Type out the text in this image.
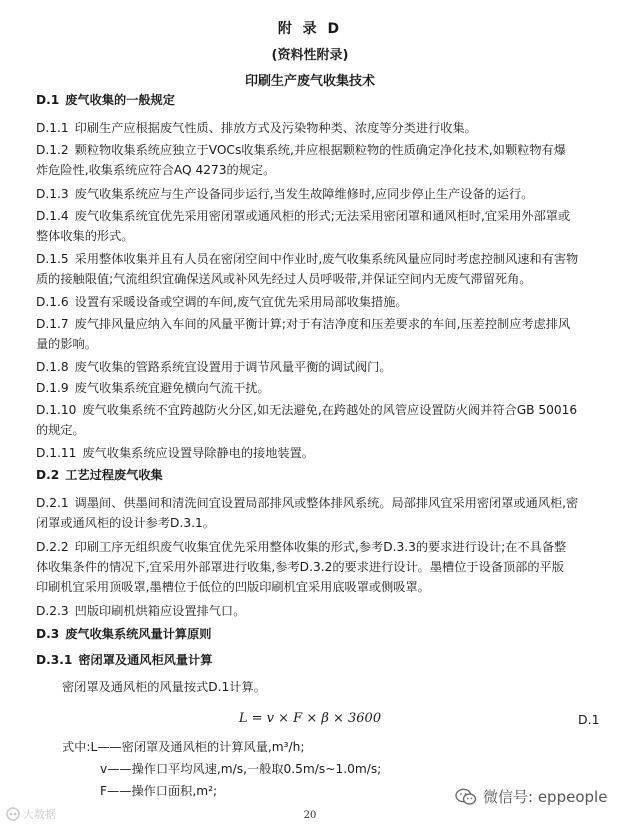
附 录 D
(资料性附录)
印刷生产废气收集技术
D.1 废气收集的一般规定
D.1.1 印刷生产应根据废气性质、排放方式及污染物种类、浓度等分类进行收集。
D.1.2 颗粒物收集系统应独立于VOCs收集系统,并应根据颗粒物的性质确定净化技术,如颗粒物有爆
炸危险性,收集系统应符合AQ 4273的规定。
D.1.3 废气收集系统应与生产设备同步运行,当发生故障维修时,应同步停止生产设备的运行。
D.1.4 废气收集系统宜优先采用密闭罩或通风柜的形式;无法采用密闭罩和通风柜时,宜采用外部罩或
整体收集的形式。
D.1.5 采用整体收集并且有人员在密闭空间中作业时,废气收集系统风量应同时考虑控制风速和有害物
质的接触限值;气流组织宜确保送风或补风先经过人员呼吸带,并保证空间内无废气滞留死角。
D.1.6 设置有采暖设备或空调的车间,废气宜优先采用局部收集措施。
D.1.7 废气排风量应纳入车间的风量平衡计算;对于有洁净度和压差要求的车间,压差控制应考虑排风
量的影响。
D.1.8 废气收集的管路系统宜设置用于调节风量平衡的调试阀门。
D.1.9 废气收集系统宜避免横向气流干扰。
D.1.10 废气收集系统不宜跨越防火分区,如无法避免,在跨越处的风管应设置防火阀并符合GB 50016
的规定。
D.1.11 废气收集系统应设置导除静电的接地装置。
D.2 工艺过程废气收集
D.2.1 调墨间、供墨间和清洗间宜设置局部排风或整体排风系统。局部排风宜采用密闭罩或通风柜,密
闭罩或通风柜的设计参考D.3.1。
D.2.2 印刷工序无组织废气收集宜优先采用整体收集的形式,参考D.3.3的要求进行设计;在不具备整
体收集条件的情况下,宜采用外部罩进行收集,参考D.3.2的要求进行设计。墨槽位于设备顶部的平版
印刷机宜采用顶吸罩,墨槽位于低位的凹版印刷机宜采用底吸罩或侧吸罩。
D.2.3 凹版印刷机烘箱应设置排气口。
D.3 废气收集系统风量计算原则
D.3.1 密闭罩及通风柜风量计算
密闭罩及通风柜的风量按式D.1计算。
L = v × F × β × 3600	D.1
式中:L——密闭罩及通风柜的计算风量,m³/h;
v——操作口平均风速,m/s,一般取0.5m/s~1.0m/s;
F——操作口面积,m²;
大数据
微信号: eppeople
20
